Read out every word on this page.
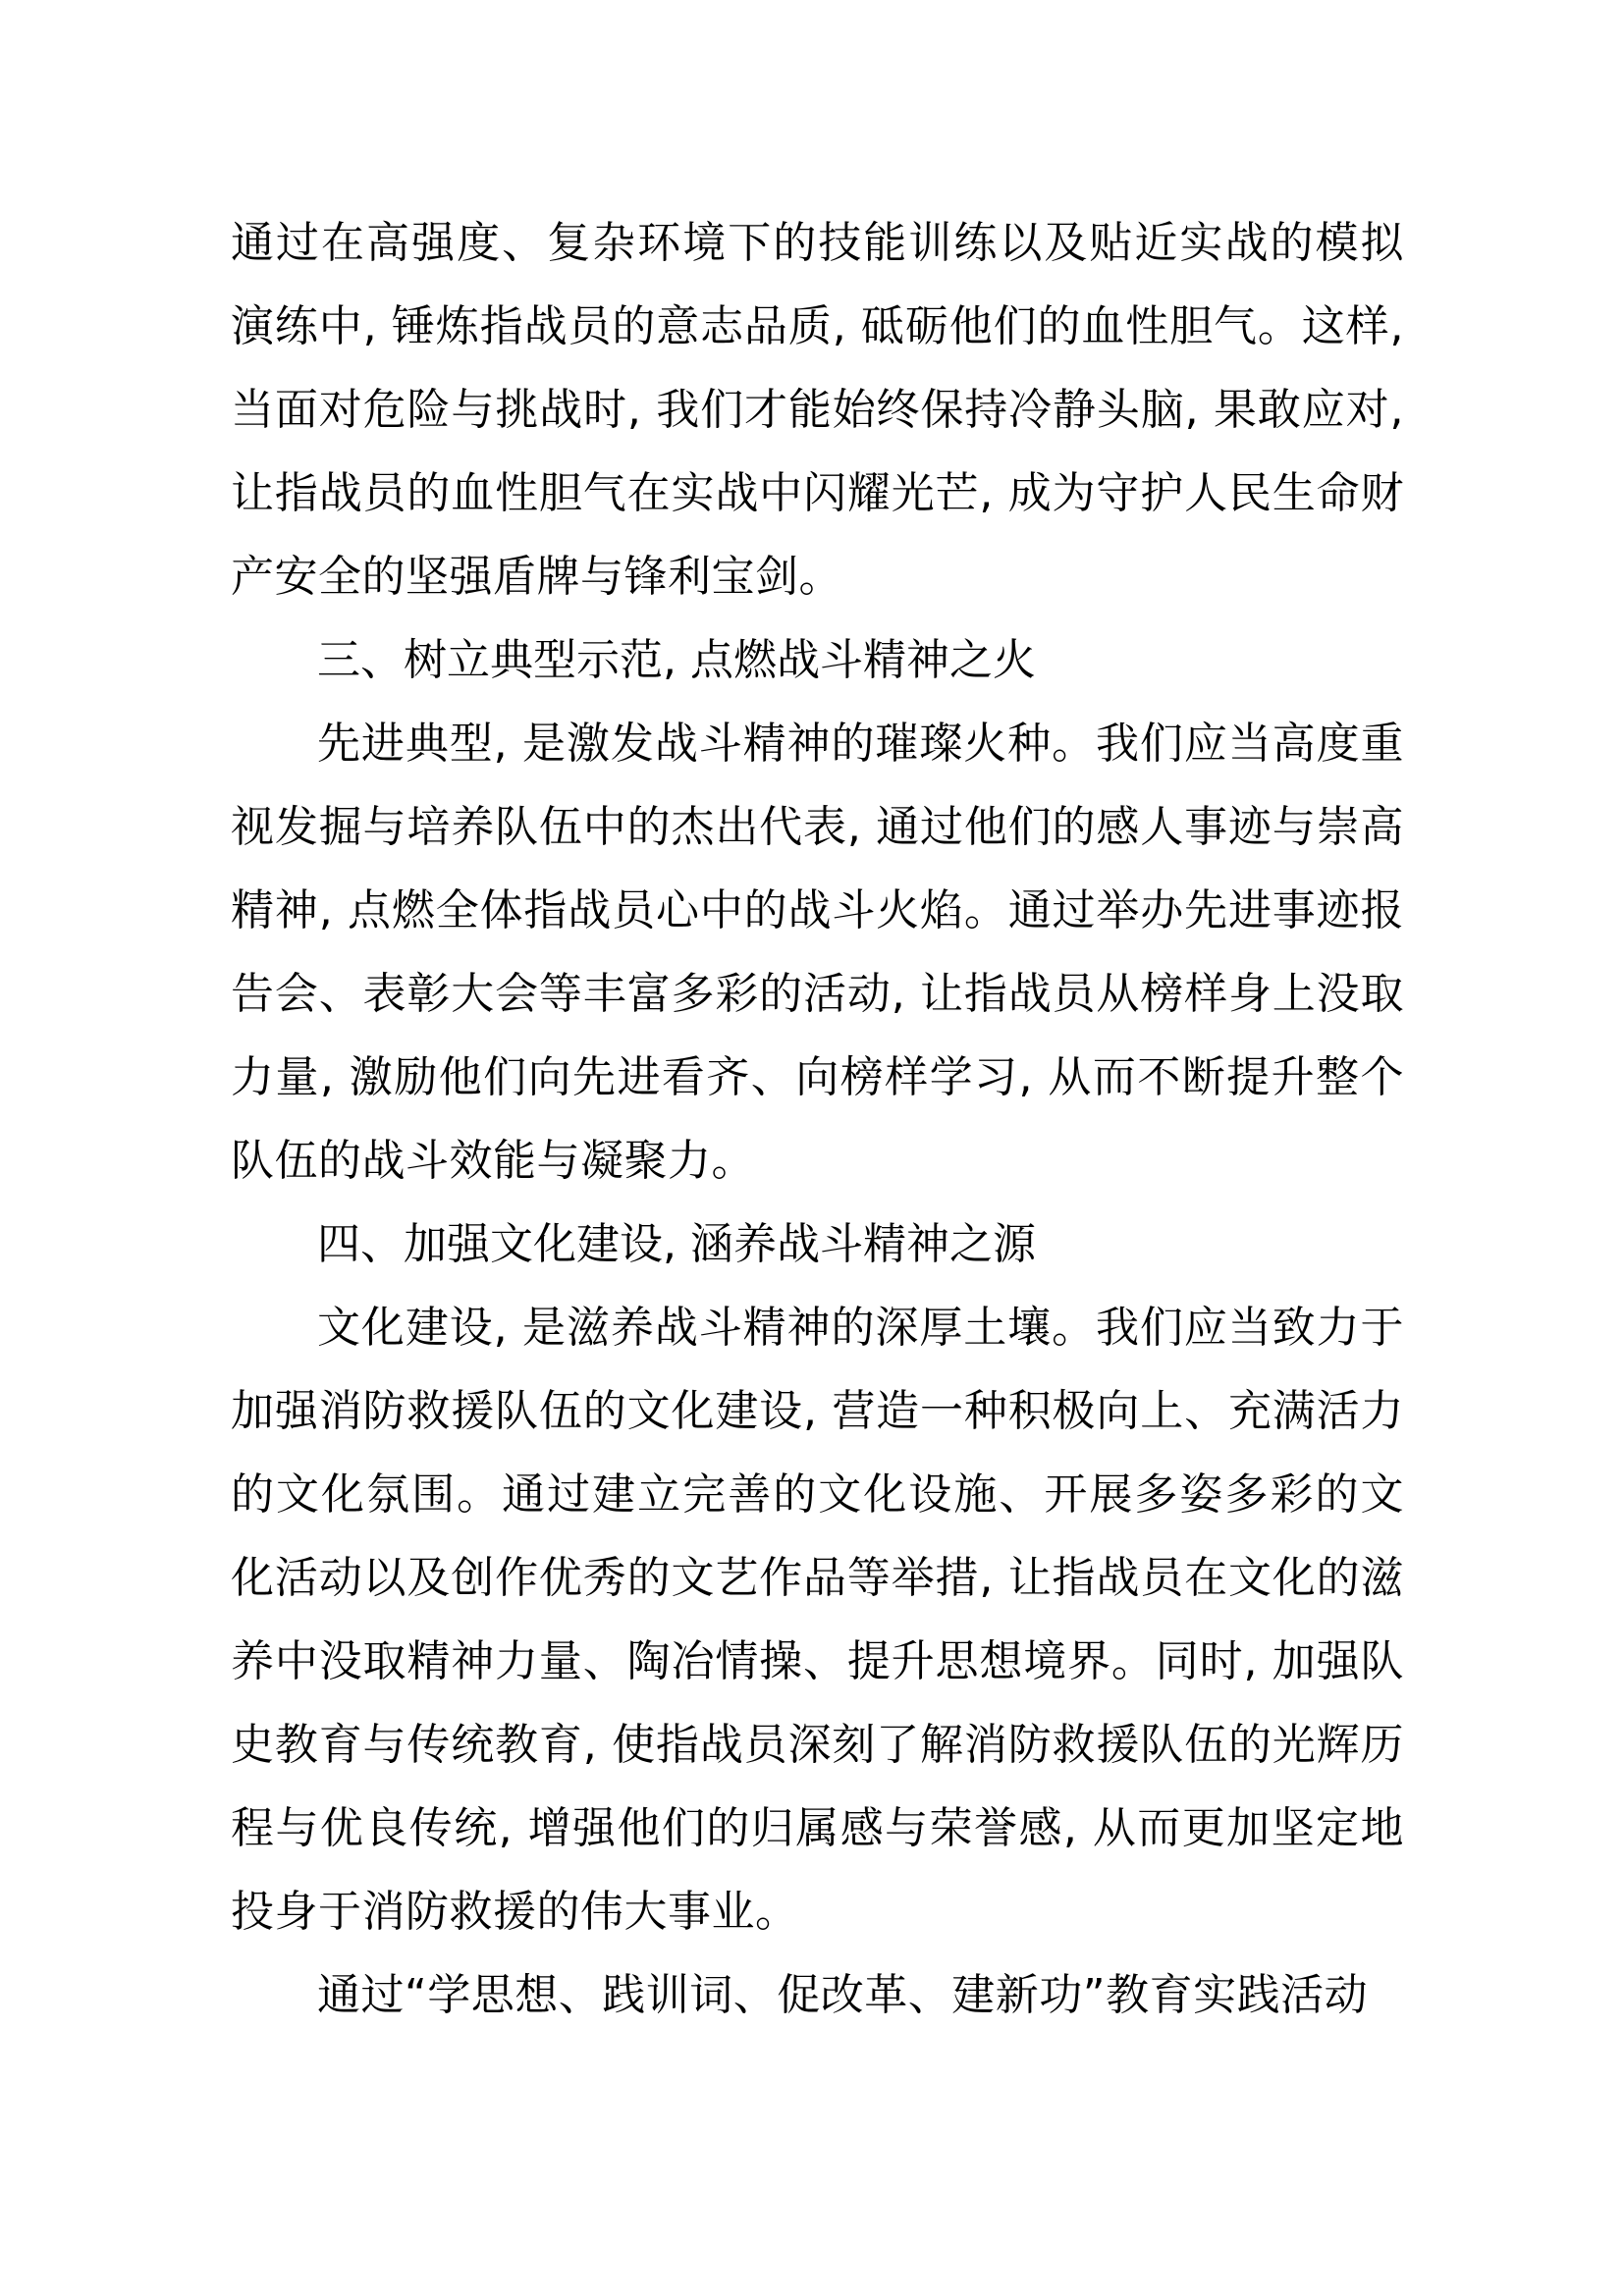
通过在高强度、复杂环境下的技能训练以及贴近实战的模拟演练中, 锤炼指战员的意志品质, 砥砺他们的血性胆气。这样, 当面对危险与挑战时, 我们才能始终保持冷静头脑, 果敢应对, 让指战员的血性胆气在实战中闪耀光芒, 成为守护人民生命财产安全的坚强盾牌与锋利宝剑。

三、树立典型示范, 点燃战斗精神之火

先进典型, 是激发战斗精神的璀璨火种。我们应当高度重视发掘与培养队伍中的杰出代表, 通过他们的感人事迹与崇高精神, 点燃全体指战员心中的战斗火焰。通过举办先进事迹报告会、表彰大会等丰富多彩的活动, 让指战员从榜样身上没取力量, 激励他们向先进看齐、向榜样学习, 从而不断提升整个队伍的战斗效能与凝聚力。

四、加强文化建设, 涵养战斗精神之源

文化建设, 是滋养战斗精神的深厚土壤。我们应当致力于加强消防救援队伍的文化建设, 营造一种积极向上、充满活力的文化氛围。通过建立完善的文化设施、开展多姿多彩的文化活动以及创作优秀的文艺作品等举措, 让指战员在文化的滋养中没取精神力量、陶冶情操、提升思想境界。同时, 加强队史教育与传统教育, 使指战员深刻了解消防救援队伍的光辉历程与优良传统, 增强他们的归属感与荣誉感, 从而更加坚定地投身于消防救援的伟大事业。

通过“学思想、践训词、促改革、建新功”教育实践活动
